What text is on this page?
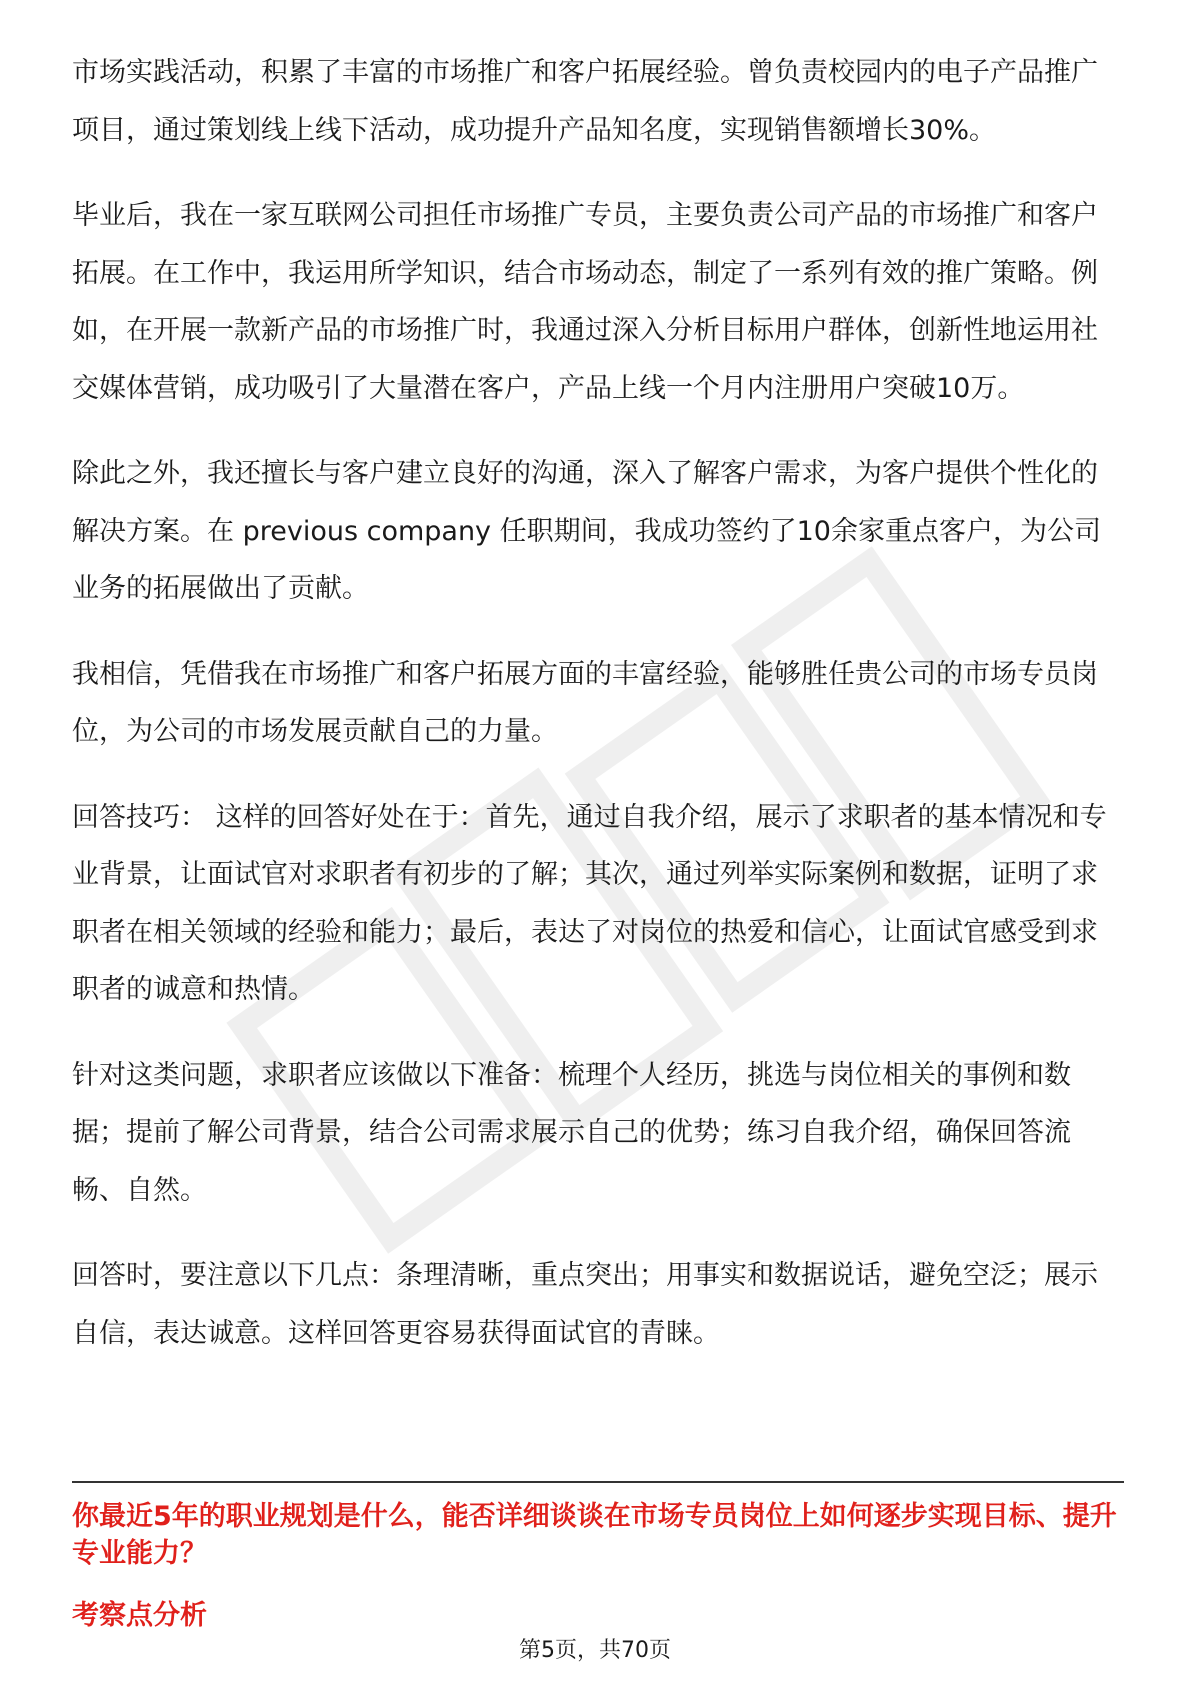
市场实践活动，积累了丰富的市场推广和客户拓展经验。曾负责校园内的电子产品推广项目，通过策划线上线下活动，成功提升产品知名度，实现销售额增长30%。

毕业后，我在一家互联网公司担任市场推广专员，主要负责公司产品的市场推广和客户拓展。在工作中，我运用所学知识，结合市场动态，制定了一系列有效的推广策略。例如，在开展一款新产品的市场推广时，我通过深入分析目标用户群体，创新性地运用社交媒体营销，成功吸引了大量潜在客户，产品上线一个月内注册用户突破10万。

除此之外，我还擅长与客户建立良好的沟通，深入了解客户需求，为客户提供个性化的解决方案。在 previous company 任职期间，我成功签约了10余家重点客户，为公司业务的拓展做出了贡献。

我相信，凭借我在市场推广和客户拓展方面的丰富经验，能够胜任贵公司的市场专员岗位，为公司的市场发展贡献自己的力量。

回答技巧： 这样的回答好处在于：首先，通过自我介绍，展示了求职者的基本情况和专业背景，让面试官对求职者有初步的了解；其次，通过列举实际案例和数据，证明了求职者在相关领域的经验和能力；最后，表达了对岗位的热爱和信心，让面试官感受到求职者的诚意和热情。

针对这类问题，求职者应该做以下准备：梳理个人经历，挑选与岗位相关的事例和数据；提前了解公司背景，结合公司需求展示自己的优势；练习自我介绍，确保回答流畅、自然。

回答时，要注意以下几点：条理清晰，重点突出；用事实和数据说话，避免空泛；展示自信，表达诚意。这样回答更容易获得面试官的青睐。

你最近5年的职业规划是什么，能否详细谈谈在市场专员岗位上如何逐步实现目标、提升专业能力？

考察点分析

第5页，共70页
